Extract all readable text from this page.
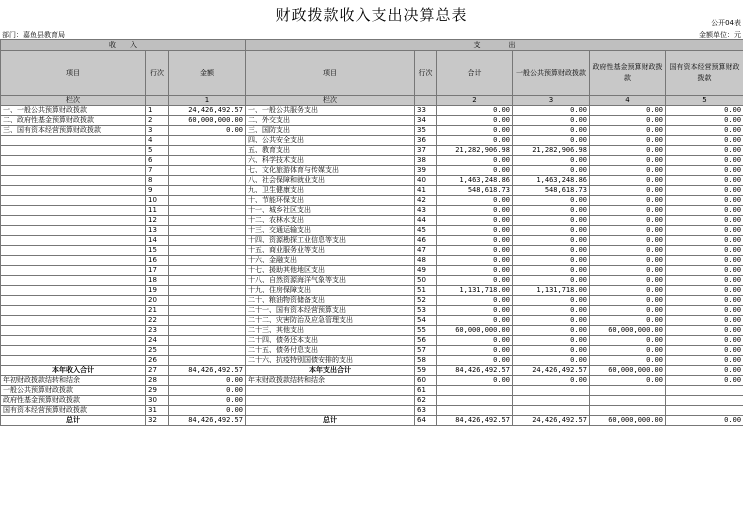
财政拨款收入支出决算总表	公开04表
部门：嘉鱼县教育局	金额单位：元
收　　入			支　　　　出					
项目	行次	金额	项目	行次	合计	一般公共预算财政拨款	政府性基金预算财政拨款	国有资本经营预算财政拨款
栏次		1	栏次		2	3	4	5
一、一般公共预算财政拨款	1	24,426,492.57	一、一般公共服务支出	33	0.00	0.00	0.00	0.00
二、政府性基金预算财政拨款	2	60,000,000.00	二、外交支出	34	0.00	0.00	0.00	0.00
三、国有资本经营预算财政拨款	3	0.00	三、国防支出	35	0.00	0.00	0.00	0.00
	4		四、公共安全支出	36	0.00	0.00	0.00	0.00
	5		五、教育支出	37	21,282,906.98	21,282,906.98	0.00	0.00
	6		六、科学技术支出	38	0.00	0.00	0.00	0.00
	7		七、文化旅游体育与传媒支出	39	0.00	0.00	0.00	0.00
	8		八、社会保障和就业支出	40	1,463,248.86	1,463,248.86	0.00	0.00
	9		九、卫生健康支出	41	548,618.73	548,618.73	0.00	0.00
	10		十、节能环保支出	42	0.00	0.00	0.00	0.00
	11		十一、城乡社区支出	43	0.00	0.00	0.00	0.00
	12		十二、农林水支出	44	0.00	0.00	0.00	0.00
	13		十三、交通运输支出	45	0.00	0.00	0.00	0.00
	14		十四、资源勘探工业信息等支出	46	0.00	0.00	0.00	0.00
	15		十五、商业服务业等支出	47	0.00	0.00	0.00	0.00
	16		十六、金融支出	48	0.00	0.00	0.00	0.00
	17		十七、援助其他地区支出	49	0.00	0.00	0.00	0.00
	18		十八、自然资源海洋气象等支出	50	0.00	0.00	0.00	0.00
	19		十九、住房保障支出	51	1,131,718.00	1,131,718.00	0.00	0.00
	20		二十、粮油物资储备支出	52	0.00	0.00	0.00	0.00
	21		二十一、国有资本经营预算支出	53	0.00	0.00	0.00	0.00
	22		二十二、灾害防治及应急管理支出	54	0.00	0.00	0.00	0.00
	23		二十三、其他支出	55	60,000,000.00	0.00	60,000,000.00	0.00
	24		二十四、债务还本支出	56	0.00	0.00	0.00	0.00
	25		二十五、债务付息支出	57	0.00	0.00	0.00	0.00
	26		二十六、抗疫特别国债安排的支出	58	0.00	0.00	0.00	0.00
本年收入合计	27	84,426,492.57	本年支出合计	59	84,426,492.57	24,426,492.57	60,000,000.00	0.00
年初财政拨款结转和结余	28	0.00	年末财政拨款结转和结余	60	0.00	0.00	0.00	0.00
一般公共预算财政拨款	29	0.00		61				
政府性基金预算财政拨款	30	0.00		62				
国有资本经营预算财政拨款	31	0.00		63				
总计	32	84,426,492.57	总计	64	84,426,492.57	24,426,492.57	60,000,000.00	0.00
